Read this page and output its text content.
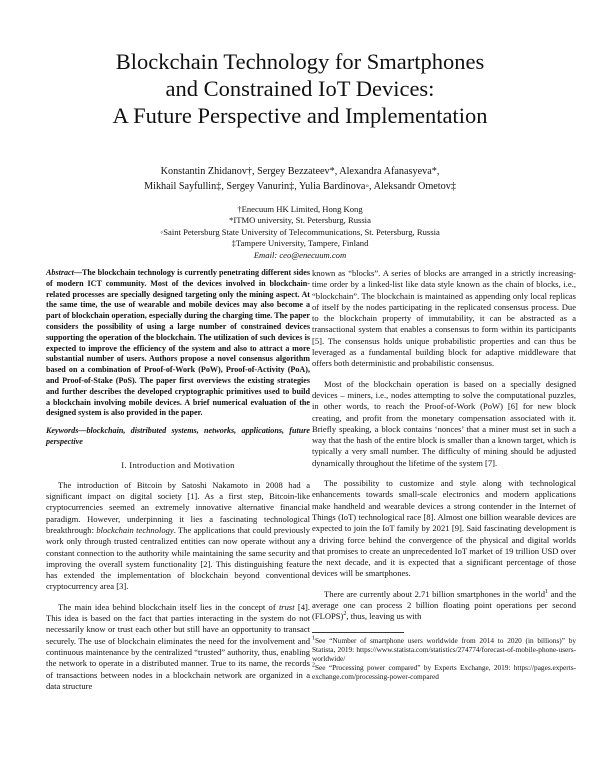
Blockchain Technology for Smartphones
and Constrained IoT Devices:
A Future Perspective and Implementation
Konstantin Zhidanov†, Sergey Bezzateev*, Alexandra Afanasyeva*,
Mikhail Sayfullin‡, Sergey Vanurin‡, Yulia Bardinova◦, Aleksandr Ometov‡
†Enecuum HK Limited, Hong Kong
*ITMO university, St. Petersburg, Russia
◦Saint Petersburg State University of Telecommunications, St. Petersburg, Russia
‡Tampere University, Tampere, Finland
Email: ceo@enecuum.com
Abstract—The blockchain technology is currently penetrating different sides of modern ICT community. Most of the devices involved in blockchain-related processes are specially designed targeting only the mining aspect. At the same time, the use of wearable and mobile devices may also become a part of blockchain operation, especially during the charging time. The paper considers the possibility of using a large number of constrained devices supporting the operation of the blockchain. The utilization of such devices is expected to improve the efficiency of the system and also to attract a more substantial number of users. Authors propose a novel consensus algorithm based on a combination of Proof-of-Work (PoW), Proof-of-Activity (PoA), and Proof-of-Stake (PoS). The paper first overviews the existing strategies and further describes the developed cryptographic primitives used to build a blockchain involving mobile devices. A brief numerical evaluation of the designed system is also provided in the paper.
Keywords—blockchain, distributed systems, networks, applications, future perspective
I. Introduction and Motivation

The introduction of Bitcoin by Satoshi Nakamoto in 2008 had a significant impact on digital society [1]. As a first step, Bitcoin-like cryptocurrencies seemed an extremely innovative alternative financial paradigm. However, underpinning it lies a fascinating technological breakthrough: blockchain technology. The applications that could previously work only through trusted centralized entities can now operate without any constant connection to the authority while maintaining the same security and improving the overall system functionality [2]. This distinguishing feature has extended the implementation of blockchain beyond conventional cryptocurrency area [3].

The main idea behind blockchain itself lies in the concept of trust [4]. This idea is based on the fact that parties interacting in the system do not necessarily know or trust each other but still have an opportunity to transact securely. The use of blockchain eliminates the need for the involvement and continuous maintenance by the centralized “trusted” authority, thus, enabling the network to operate in a distributed manner. True to its name, the records of transactions between nodes in a blockchain network are organized in a data structure

known as “blocks”. A series of blocks are arranged in a strictly increasing-time order by a linked-list like data style known as the chain of blocks, i.e., “blockchain”. The blockchain is maintained as appending only local replicas of itself by the nodes participating in the replicated consensus process. Due to the blockchain property of immutability, it can be abstracted as a transactional system that enables a consensus to form within its participants [5]. The consensus holds unique probabilistic properties and can thus be leveraged as a fundamental building block for adaptive middleware that offers both deterministic and probabilistic consensus.

Most of the blockchain operation is based on a specially designed devices – miners, i.e., nodes attempting to solve the computational puzzles, in other words, to reach the Proof-of-Work (PoW) [6] for new block creating, and profit from the monetary compensation associated with it. Briefly speaking, a block contains ‘nonces’ that a miner must set in such a way that the hash of the entire block is smaller than a known target, which is typically a very small number. The difficulty of mining should be adjusted dynamically throughout the lifetime of the system [7].

The possibility to customize and style along with technological enhancements towards small-scale electronics and modern applications make handheld and wearable devices a strong contender in the Internet of Things (IoT) technological race [8]. Almost one billion wearable devices are expected to join the IoT family by 2021 [9]. Said fascinating development is a driving force behind the convergence of the physical and digital worlds that promises to create an unprecedented IoT market of 19 trillion USD over the next decade, and it is expected that a significant percentage of those devices will be smartphones.

There are currently about 2.71 billion smartphones in the world$^1$ and the average one can process 2 billion floating point operations per second (FLOPS)$^2$, thus, leaving us with

$^1$See “Number of smartphone users worldwide from 2014 to 2020 (in billions)” by Statista, 2019: https://www.statista.com/statistics/274774/forecast-of-mobile-phone-users- worldwide/
$^2$See “Processing power compared” by Experts Exchange, 2019: https://pages.experts-exchange.com/processing-power-compared
